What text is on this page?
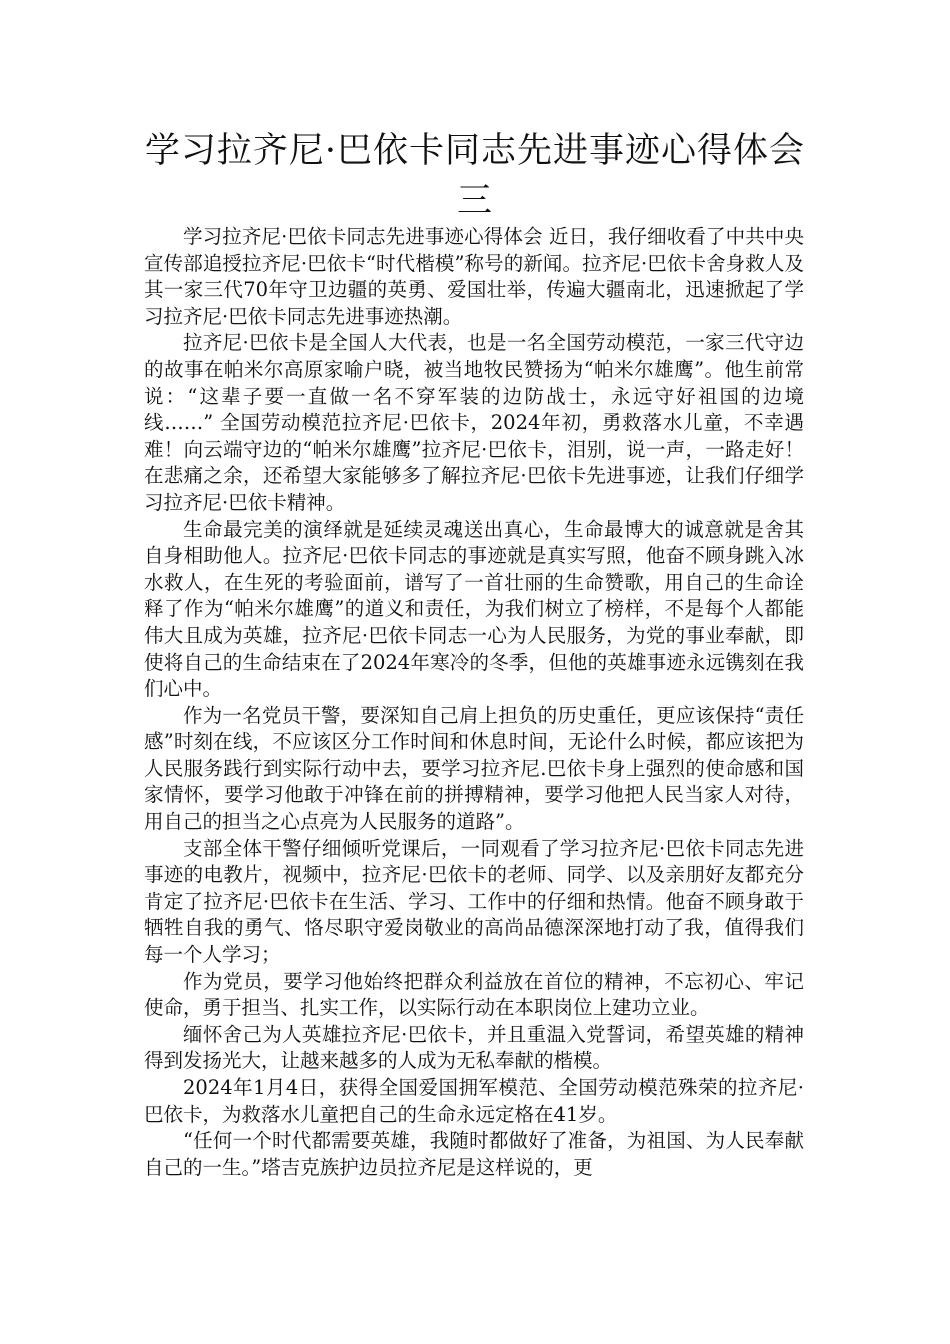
学习拉齐尼·巴依卡同志先进事迹心得体会三

学习拉齐尼·巴依卡同志先进事迹心得体会 近日，我仔细收看了中共中央宣传部追授拉齐尼·巴依卡“时代楷模”称号的新闻。拉齐尼·巴依卡舍身救人及其一家三代70年守卫边疆的英勇、爱国壮举，传遍大疆南北，迅速掀起了学习拉齐尼·巴依卡同志先进事迹热潮。

拉齐尼·巴依卡是全国人大代表，也是一名全国劳动模范，一家三代守边的故事在帕米尔高原家喻户晓，被当地牧民赞扬为“帕米尔雄鹰”。他生前常说：“这辈子要一直做一名不穿军装的边防战士，永远守好祖国的边境线……” 全国劳动模范拉齐尼·巴依卡，2024年初，勇救落水儿童，不幸遇难！向云端守边的“帕米尔雄鹰”拉齐尼·巴依卡，泪别，说一声，一路走好！在悲痛之余，还希望大家能够多了解拉齐尼·巴依卡先进事迹，让我们仔细学习拉齐尼·巴依卡精神。

生命最完美的演绎就是延续灵魂送出真心，生命最博大的诚意就是舍其自身相助他人。拉齐尼·巴依卡同志的事迹就是真实写照，他奋不顾身跳入冰水救人，在生死的考验面前，谱写了一首壮丽的生命赞歌，用自己的生命诠释了作为“帕米尔雄鹰”的道义和责任，为我们树立了榜样，不是每个人都能伟大且成为英雄，拉齐尼·巴依卡同志一心为人民服务，为党的事业奉献，即使将自己的生命结束在了2024年寒冷的冬季，但他的英雄事迹永远镌刻在我们心中。

作为一名党员干警，要深知自己肩上担负的历史重任，更应该保持“责任感”时刻在线，不应该区分工作时间和休息时间，无论什么时候，都应该把为人民服务践行到实际行动中去，要学习拉齐尼.巴依卡身上强烈的使命感和国家情怀，要学习他敢于冲锋在前的拼搏精神，要学习他把人民当家人对待，用自己的担当之心点亮为人民服务的道路”。

支部全体干警仔细倾听党课后，一同观看了学习拉齐尼·巴依卡同志先进事迹的电教片，视频中，拉齐尼·巴依卡的老师、同学、以及亲朋好友都充分肯定了拉齐尼·巴依卡在生活、学习、工作中的仔细和热情。他奋不顾身敢于牺牲自我的勇气、恪尽职守爱岗敬业的高尚品德深深地打动了我，值得我们每一个人学习；

作为党员，要学习他始终把群众利益放在首位的精神，不忘初心、牢记使命，勇于担当、扎实工作，以实际行动在本职岗位上建功立业。

缅怀舍己为人英雄拉齐尼·巴依卡，并且重温入党誓词，希望英雄的精神得到发扬光大，让越来越多的人成为无私奉献的楷模。

2024年1月4日，获得全国爱国拥军模范、全国劳动模范殊荣的拉齐尼·巴依卡，为救落水儿童把自己的生命永远定格在41岁。

“任何一个时代都需要英雄，我随时都做好了准备，为祖国、为人民奉献自己的一生。”塔吉克族护边员拉齐尼是这样说的，更
